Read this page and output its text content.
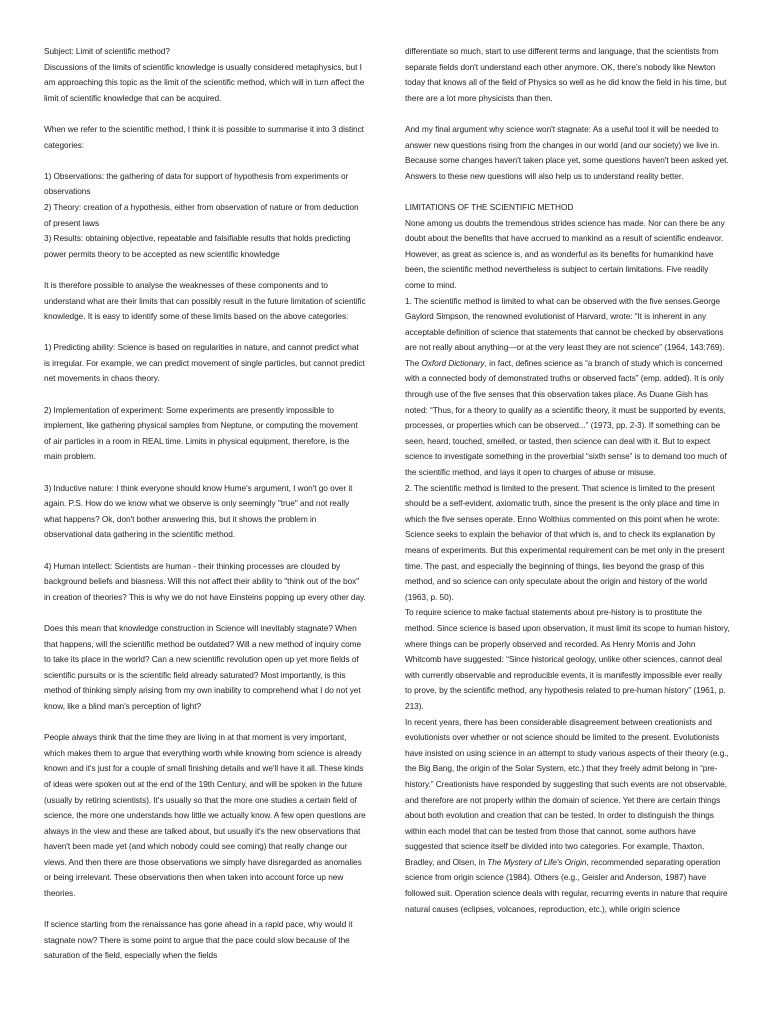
Subject: Limit of scientific method?
Discussions of the limits of scientific knowledge is usually considered metaphysics, but I am approaching this topic as the limit of the scientific method, which will in turn affect the limit of scientific knowledge that can be acquired.

When we refer to the scientific method, I think it is possible to summarise it into 3 distinct categories:

1) Observations: the gathering of data for support of hypothesis from experiments or observations
2) Theory: creation of a hypothesis, either from observation of nature or from deduction of present laws
3) Results: obtaining objective, repeatable and falsifiable results that holds predicting power permits theory to be accepted as new scientific knowledge

It is therefore possible to analyse the weaknesses of these components and to understand what are their limits that can possibly result in the future limitation of scientific knowledge. It is easy to identify some of these limits based on the above categories:

1) Predicting ability: Science is based on regularities in nature, and cannot predict what is irregular. For example, we can predict movement of single particles, but cannot predict net movements in chaos theory.

2) Implementation of experiment: Some experiments are presently impossible to implement, like gathering physical samples from Neptune, or computing the movement of air particles in a room in REAL time. Limits in physical equipment, therefore, is the main problem.

3) Inductive nature: I think everyone should know Hume's argument, I won't go over it again. P.S. How do we know what we observe is only seemingly "true" and not really what happens? Ok, don't bother answering this, but it shows the problem in observational data gathering in the scientific method.

4) Human intellect: Scientists are human - their thinking processes are clouded by background beliefs and biasness. Will this not affect their ability to "think out of the box" in creation of theories? This is why we do not have Einsteins popping up every other day.

Does this mean that knowledge construction in Science will inevitably stagnate? When that happens, will the scientific method be outdated? Will a new method of inquiry come to take its place in the world? Can a new scientific revolution open up yet more fields of scientific pursuits or is the scientific field already saturated? Most importantly, is this method of thinking simply arising from my own inability to comprehend what I do not yet know, like a blind man's perception of light?

People always think that the time they are living in at that moment is very important, which makes them to argue that everything worth while knowing from science is already known and it's just for a couple of small finishing details and we'll have it all. These kinds of ideas were spoken out at the end of the 19th Century, and will be spoken in the future (usually by retiring scientists). It's usually so that the more one studies a certain field of science, the more one understands how little we actually know. A few open questions are always in the view and these are talked about, but usually it's the new observations that haven't been made yet (and which nobody could see coming) that really change our views. And then there are those observations we simply have disregarded as anomalies or being irrelevant. These observations then when taken into account force up new theories.

If science starting from the renaissance has gone ahead in a rapid pace, why would it stagnate now? There is some point to argue that the pace could slow because of the saturation of the field, especially when the fields

differentiate so much, start to use different terms and language, that the scientists from separate fields don't understand each other anymore. OK, there's nobody like Newton today that knows all of the field of Physics so well as he did know the field in his time, but there are a lot more physicists than then.

And my final argument why science won't stagnate: As a useful tool it will be needed to answer new questions rising from the changes in our world (and our society) we live in. Because some changes haven't taken place yet, some questions haven't been asked yet. Answers to these new questions will also help us to understand reality better.

LIMITATIONS OF THE SCIENTIFIC METHOD

None among us doubts the tremendous strides science has made. Nor can there be any doubt about the benefits that have accrued to mankind as a result of scientific endeavor. However, as great as science is, and as wonderful as its benefits for humankind have been, the scientific method nevertheless is subject to certain limitations. Five readily come to mind.

1. The scientific method is limited to what can be observed with the five senses.George Gaylord Simpson, the renowned evolutionist of Harvard, wrote: “It is inherent in any acceptable definition of science that statements that cannot be checked by observations are not really about anything—or at the very least they are not science” (1964, 143:769). The Oxford Dictionary, in fact, defines science as “a branch of study which is concerned with a connected body of demonstrated truths or observed facts” (emp. added). It is only through use of the five senses that this observation takes place. As Duane Gish has noted: “Thus, for a theory to qualify as a scientific theory, it must be supported by events, processes, or properties which can be observed...” (1973, pp. 2-3). If something can be seen, heard, touched, smelled, or tasted, then science can deal with it. But to expect science to investigate something in the proverbial “sixth sense” is to demand too much of the scientific method, and lays it open to charges of abuse or misuse.

2. The scientific method is limited to the present. That science is limited to the present should be a self-evident, axiomatic truth, since the present is the only place and time in which the five senses operate. Enno Wolthius commented on this point when he wrote:

Science seeks to explain the behavior of that which is, and to check its explanation by means of experiments. But this experimental requirement can be met only in the present time. The past, and especially the beginning of things, lies beyond the grasp of this method, and so science can only speculate about the origin and history of the world (1963, p. 50).

To require science to make factual statements about pre-history is to prostitute the method. Since science is based upon observation, it must limit its scope to human history, where things can be properly observed and recorded. As Henry Morris and John Whitcomb have suggested: “Since historical geology, unlike other sciences, cannot deal with currently observable and reproducible events, it is manifestly impossible ever really to prove, by the scientific method, any hypothesis related to pre-human history” (1961, p. 213).

In recent years, there has been considerable disagreement between creationists and evolutionists over whether or not science should be limited to the present. Evolutionists have insisted on using science in an attempt to study various aspects of their theory (e.g., the Big Bang, the origin of the Solar System, etc.) that they freely admit belong in “pre-history.” Creationists have responded by suggesting that such events are not observable, and therefore are not properly within the domain of science. Yet there are certain things about both evolution and creation that can be tested. In order to distinguish the things within each model that can be tested from those that cannot, some authors have suggested that science itself be divided into two categories. For example, Thaxton, Bradley, and Olsen, in The Mystery of Life's Origin, recommended separating operation science from origin science (1984). Others (e.g., Geisler and Anderson, 1987) have followed suit. Operation science deals with regular, recurring events in nature that require natural causes (eclipses, volcanoes, reproduction, etc.), while origin science
